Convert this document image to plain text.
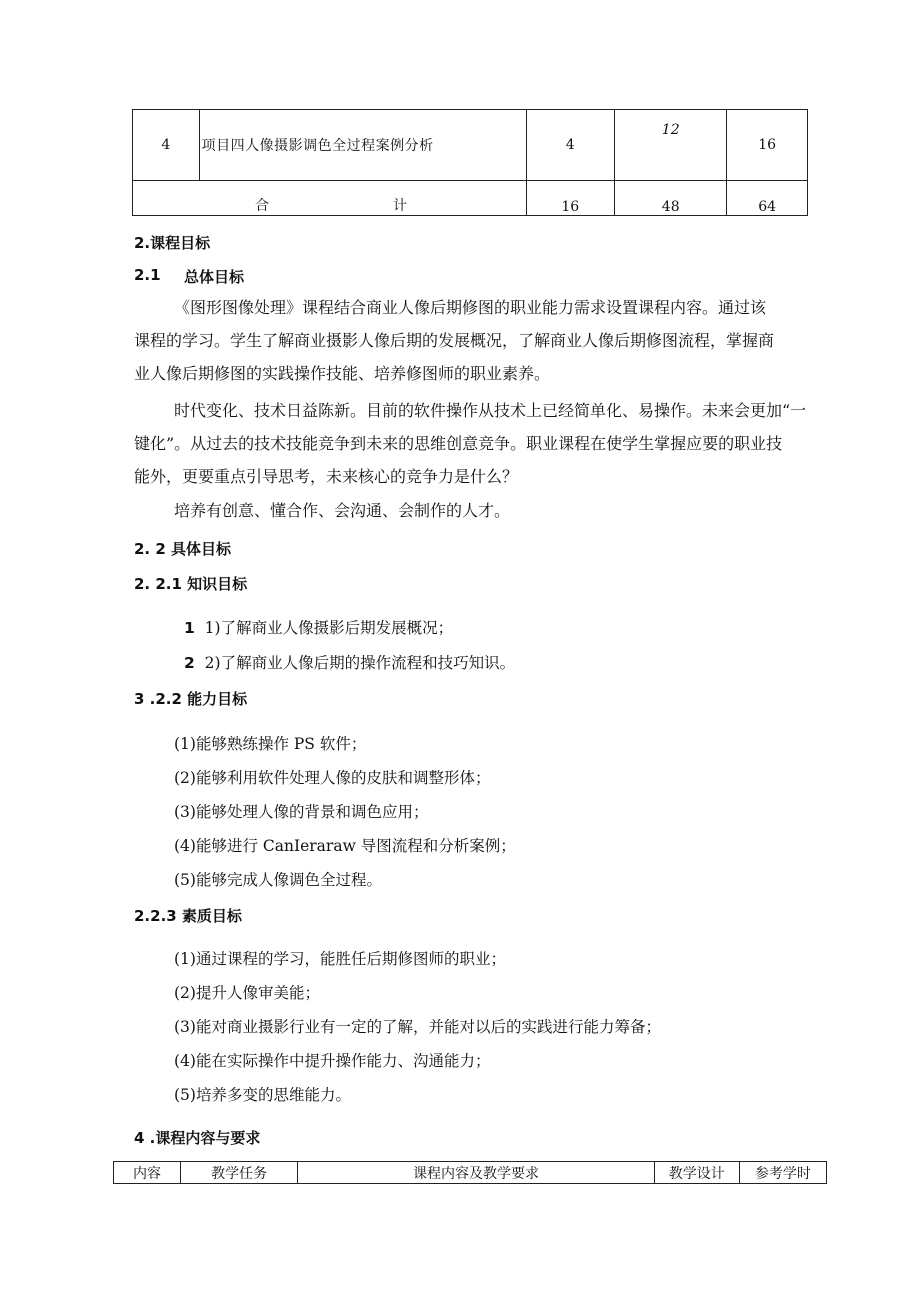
4	项目四人像摄影调色全过程案例分析	4	12	16

合 计		16	48	64
2.课程目标
2.1 总体目标
《图形图像处理》课程结合商业人像后期修图的职业能力需求设置课程内容。通过该
课程的学习。学生了解商业摄影人像后期的发展概况，了解商业人像后期修图流程，掌握商
业人像后期修图的实践操作技能、培养修图师的职业素养。
时代变化、技术日益陈新。目前的软件操作从技术上已经简单化、易操作。未来会更加“一
键化”。从过去的技术技能竞争到未来的思维创意竞争。职业课程在使学生掌握应要的职业技
能外，更要重点引导思考，未来核心的竞争力是什么？
培养有创意、懂合作、会沟通、会制作的人才。
2. 2 具体目标
2. 2.1 知识目标
1 1)了解商业人像摄影后期发展概况；
2 2)了解商业人像后期的操作流程和技巧知识。
3 .2.2 能力目标
(1)能够熟练操作 PS 软件；
(2)能够利用软件处理人像的皮肤和调整形体；
(3)能够处理人像的背景和调色应用；
(4)能够进行 CanIeraraw 导图流程和分析案例；
(5)能够完成人像调色全过程。
2.2.3 素质目标
(1)通过课程的学习，能胜任后期修图师的职业；
(2)提升人像审美能；
(3)能对商业摄影行业有一定的了解，并能对以后的实践进行能力筹备；
(4)能在实际操作中提升操作能力、沟通能力；
(5)培养多变的思维能力。
4 .课程内容与要求
内容	教学任务	课程内容及教学要求	教学设计	参考学时
